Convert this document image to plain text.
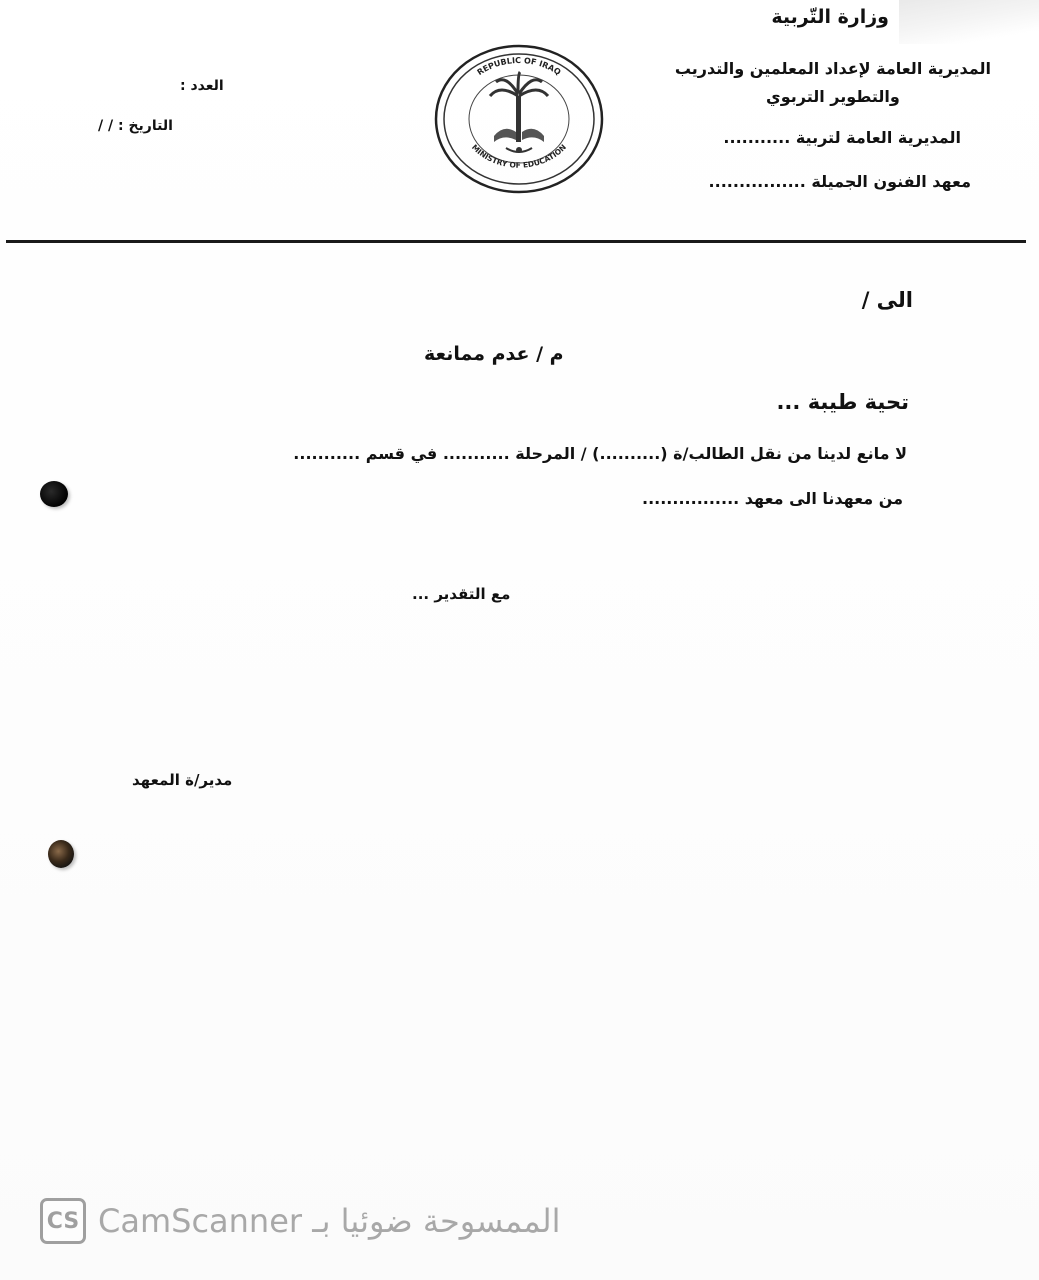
وزارة التّربية
المديرية العامة لإعداد المعلمين والتدريب
والتطوير التربوي
المديرية العامة لتربية ...........
معهد الفنون الجميلة ................
REPUBLIC OF IRAQ
MINISTRY OF EDUCATION
العدد :
التاريخ : / /
الى /
م / عدم ممانعة
تحية طيبة ...
لا مانع لدينا من نقل الطالب/ة (..........) / المرحلة ........... في قسم ...........
من معهدنا الى معهد ................
مع التقدير ...
مدير/ة المعهد
CS الممسوحة ضوئيا بـ CamScanner
